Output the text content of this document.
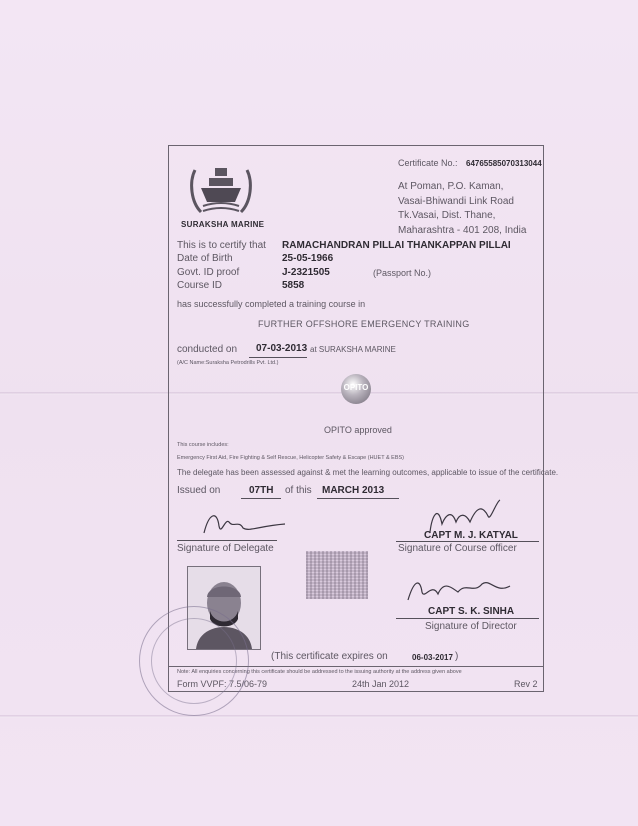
SURAKSHA MARINE
Certificate No.: 64765585070313044
At Poman, P.O. Kaman,
Vasai-Bhiwandi Link Road
Tk.Vasai, Dist. Thane,
Maharashtra - 401 208, India
This is to certify that RAMACHANDRAN PILLAI THANKAPPAN PILLAI
Date of Birth	25-05-1966
Govt. ID proof	J-2321505	(Passport No.)
Course ID	5858
has successfully completed a training course in
FURTHER OFFSHORE EMERGENCY TRAINING
conducted on 07-03-2013 at SURAKSHA MARINE
(A/C Name:Suraksha Petrodrills Pvt. Ltd.)
OPITO
OPITO approved
This course includes:
Emergency First Aid, Fire Fighting & Self Rescue, Helicopter Safety & Escape (HUET & EBS)
The delegate has been assessed against & met the learning outcomes, applicable to issue of the certificate.
Issued on	07TH of this MARCH 2013
Signature of Delegate
CAPT M. J. KATYAL
Signature of Course officer
CAPT S. K. SINHA
Signature of Director
(This certificate expires on	06-03-2017 )
Note: All enquiries concerning this certificate should be addressed to the issuing authority at the address given above
Form VVPF: 7.5/06-79	24th Jan 2012	Rev 2
